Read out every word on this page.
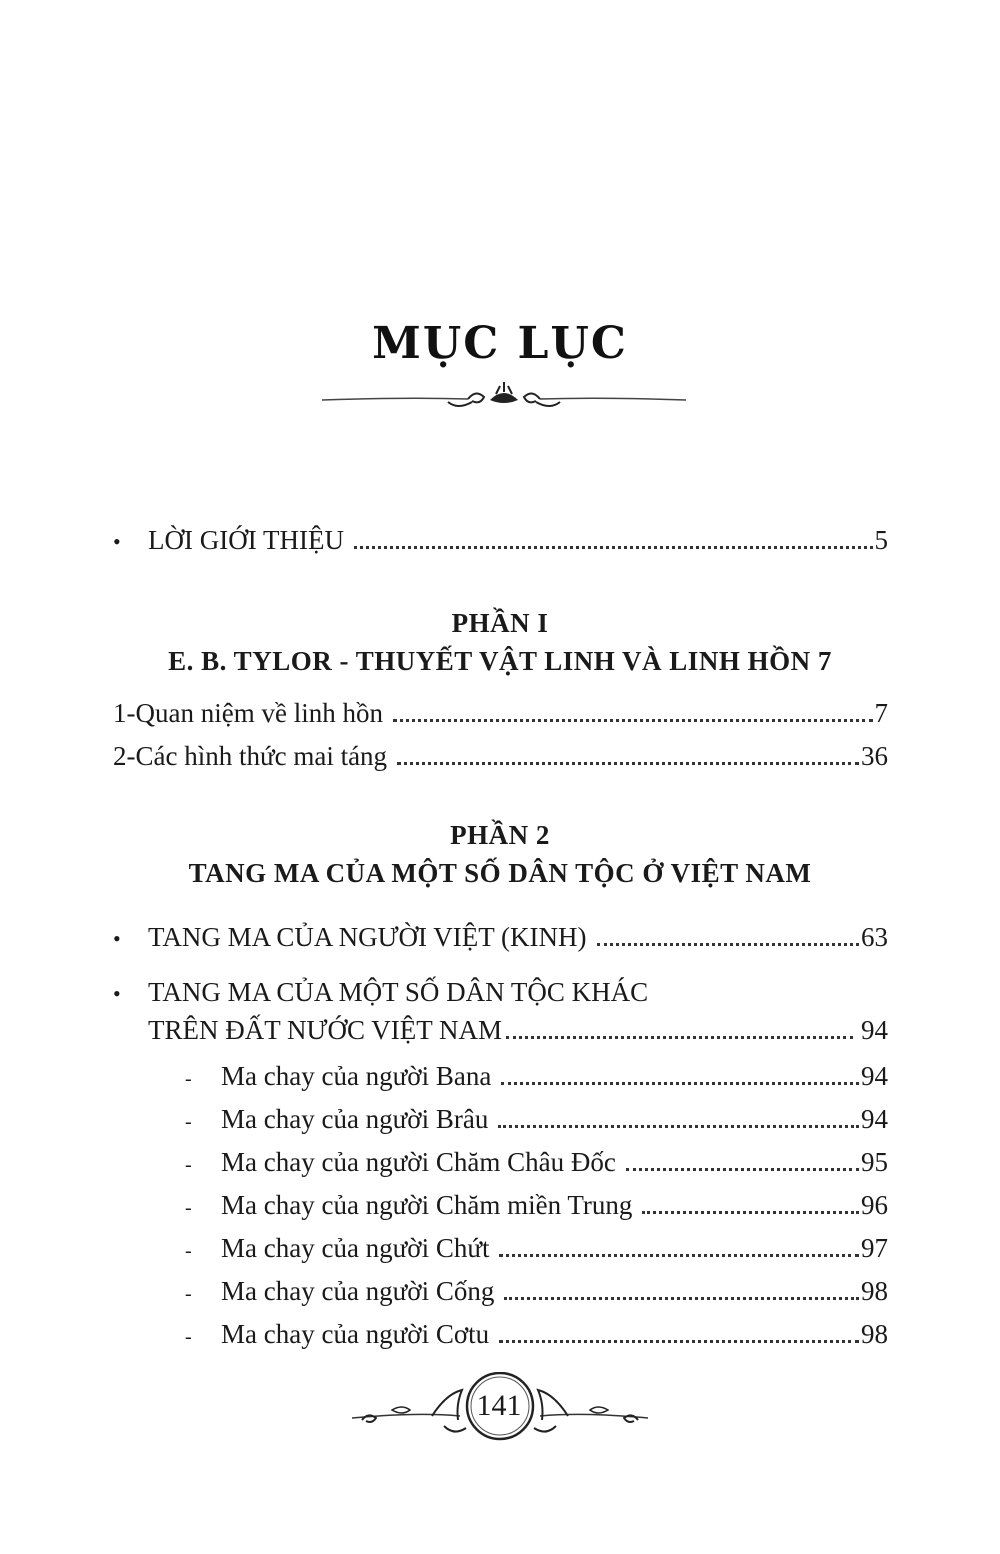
MỤC LỤC
•	LỜI GIỚI THIỆU	5
PHẦN I
E. B. TYLOR - THUYẾT VẬT LINH VÀ LINH HỒN 7
1-Quan niệm về linh hồn	7
2-Các hình thức mai táng	36
PHẦN 2
TANG MA CỦA MỘT SỐ DÂN TỘC Ở VIỆT NAM
•	TANG MA CỦA NGƯỜI VIỆT (KINH)	63
•	TANG MA CỦA MỘT SỐ DÂN TỘC KHÁC
TRÊN ĐẤT NƯỚC VIỆT NAM	94
-	Ma chay của người Bana	94
-	Ma chay của người Brâu	94
-	Ma chay của người Chăm Châu Đốc	95
-	Ma chay của người Chăm miền Trung	96
-	Ma chay của người Chứt	97
-	Ma chay của người Cống	98
-	Ma chay của người Cơtu	98
141
